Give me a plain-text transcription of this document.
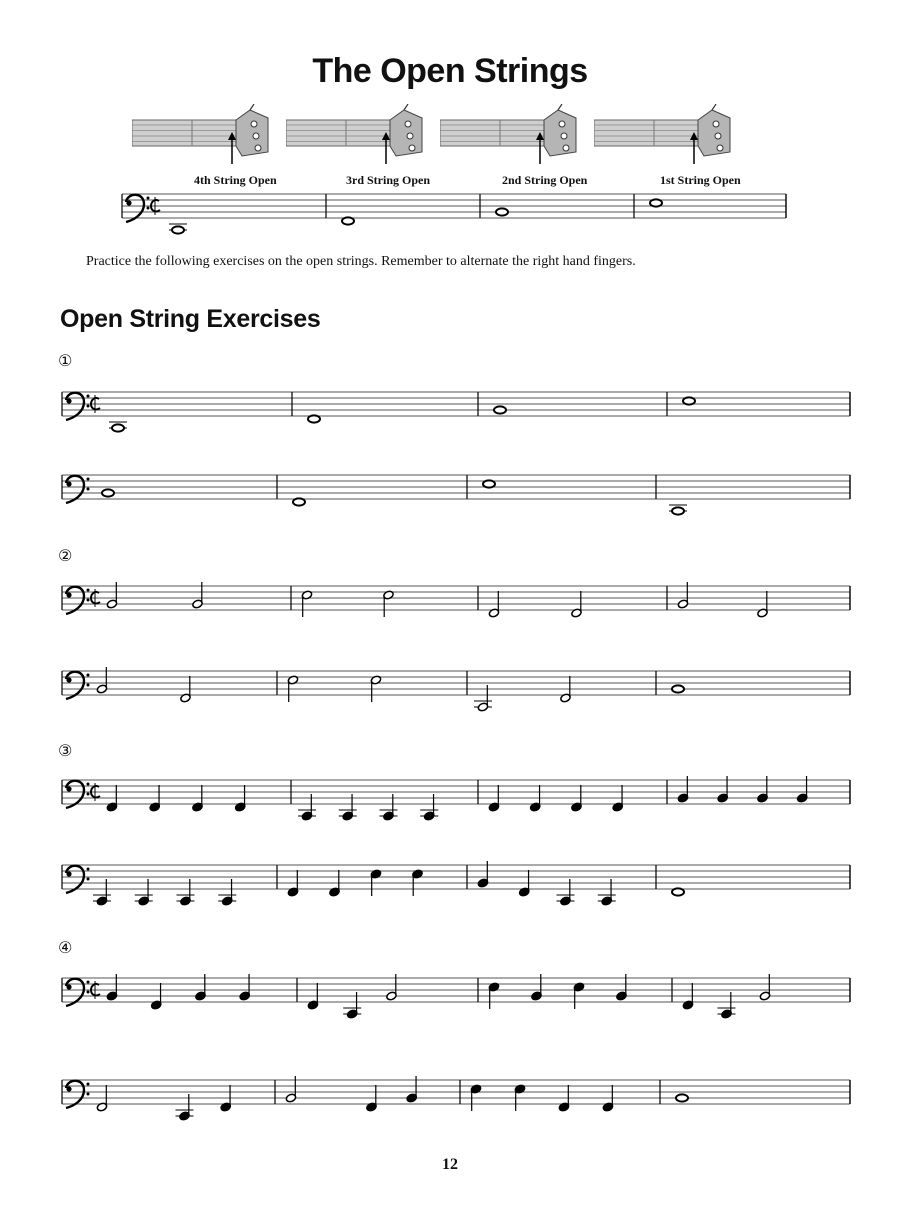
The Open Strings
4th String Open	3rd String Open	2nd String Open	1st String Open
Practice the following exercises on the open strings. Remember to alternate the right hand fingers.
Open String Exercises
①
②
③
④
12
